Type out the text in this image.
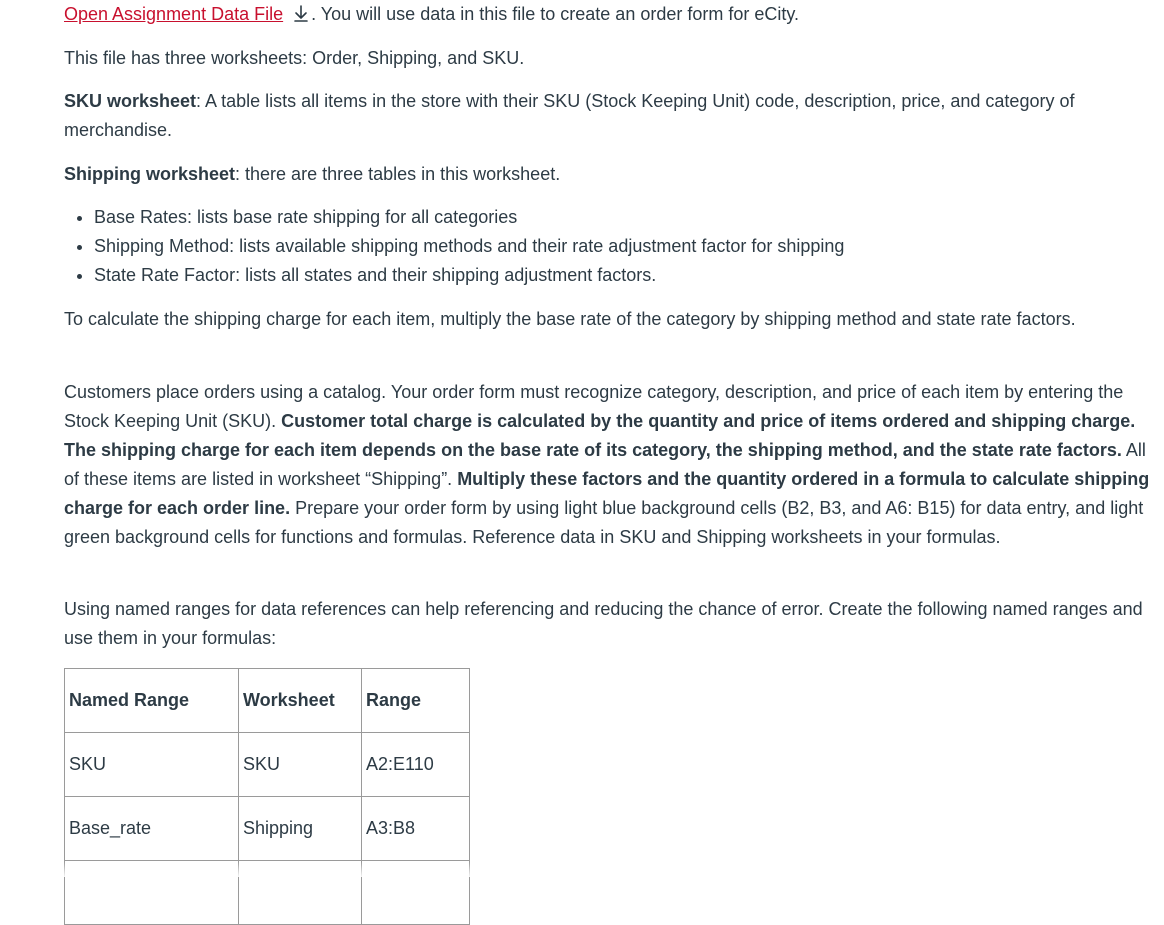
Open Assignment Data File . You will use data in this file to create an order form for eCity.

This file has three worksheets: Order, Shipping, and SKU.

SKU worksheet: A table lists all items in the store with their SKU (Stock Keeping Unit) code, description, price, and category of merchandise.

Shipping worksheet: there are three tables in this worksheet.

• Base Rates: lists base rate shipping for all categories
• Shipping Method: lists available shipping methods and their rate adjustment factor for shipping
• State Rate Factor: lists all states and their shipping adjustment factors.

To calculate the shipping charge for each item, multiply the base rate of the category by shipping method and state rate factors.

Customers place orders using a catalog. Your order form must recognize category, description, and price of each item by entering the Stock Keeping Unit (SKU). Customer total charge is calculated by the quantity and price of items ordered and shipping charge. The shipping charge for each item depends on the base rate of its category, the shipping method, and the state rate factors. All of these items are listed in worksheet “Shipping”. Multiply these factors and the quantity ordered in a formula to calculate shipping charge for each order line. Prepare your order form by using light blue background cells (B2, B3, and A6: B15) for data entry, and light green background cells for functions and formulas. Reference data in SKU and Shipping worksheets in your formulas.

Using named ranges for data references can help referencing and reducing the chance of error. Create the following named ranges and use them in your formulas:

Named Range	Worksheet	Range
SKU	SKU	A2:E110
Base_rate	Shipping	A3:B8
